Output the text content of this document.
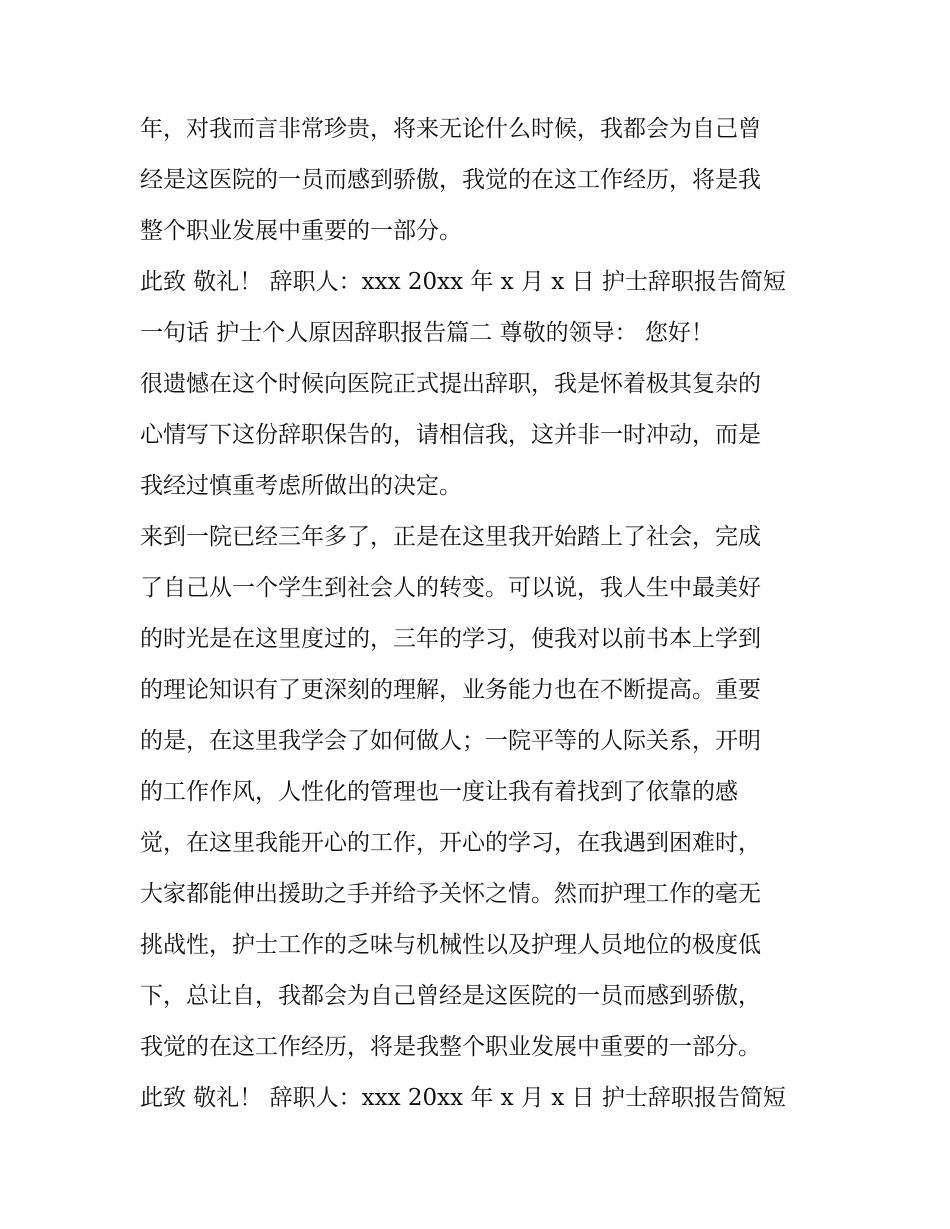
年，对我而言非常珍贵，将来无论什么时候，我都会为自己曾
经是这医院的一员而感到骄傲，我觉的在这工作经历，将是我
整个职业发展中重要的一部分。
此致 敬礼！ 辞职人：xxx 20xx 年 x 月 x 日 护士辞职报告简短
一句话 护士个人原因辞职报告篇二 尊敬的领导： 您好！
很遗憾在这个时候向医院正式提出辞职，我是怀着极其复杂的
心情写下这份辞职保告的，请相信我，这并非一时冲动，而是
我经过慎重考虑所做出的决定。
来到一院已经三年多了，正是在这里我开始踏上了社会，完成
了自己从一个学生到社会人的转变。可以说，我人生中最美好
的时光是在这里度过的，三年的学习，使我对以前书本上学到
的理论知识有了更深刻的理解，业务能力也在不断提高。重要
的是，在这里我学会了如何做人；一院平等的人际关系，开明
的工作作风，人性化的管理也一度让我有着找到了依靠的感
觉，在这里我能开心的工作，开心的学习，在我遇到困难时，
大家都能伸出援助之手并给予关怀之情。然而护理工作的毫无
挑战性，护士工作的乏味与机械性以及护理人员地位的极度低
下，总让自，我都会为自己曾经是这医院的一员而感到骄傲，
我觉的在这工作经历，将是我整个职业发展中重要的一部分。
此致 敬礼！ 辞职人：xxx 20xx 年 x 月 x 日 护士辞职报告简短
